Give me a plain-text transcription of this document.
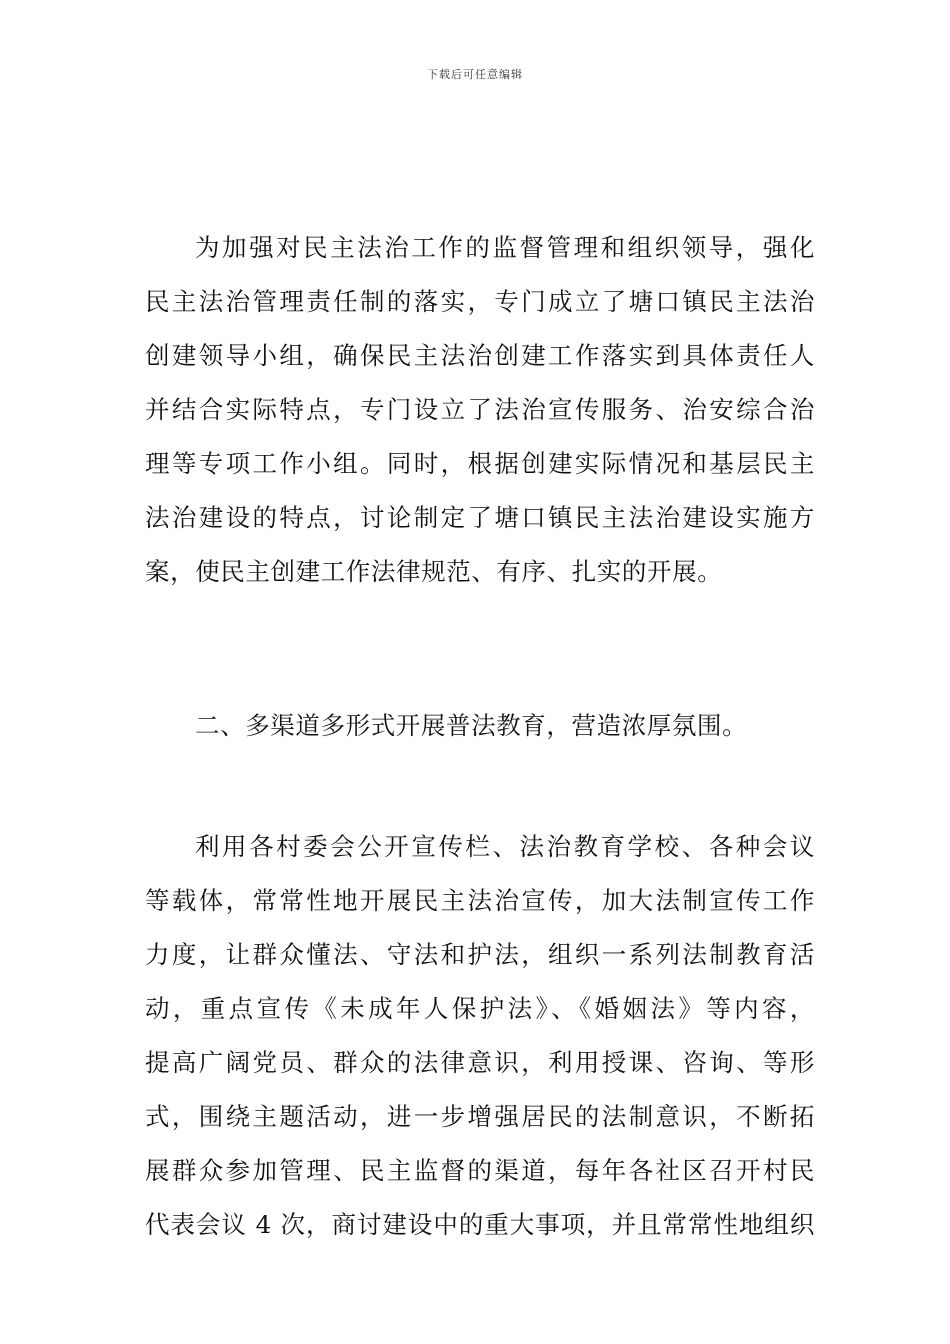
下载后可任意编辑
为加强对民主法治工作的监督管理和组织领导，强化
民主法治管理责任制的落实，专门成立了塘口镇民主法治
创建领导小组，确保民主法治创建工作落实到具体责任人
并结合实际特点，专门设立了法治宣传服务、治安综合治
理等专项工作小组。同时，根据创建实际情况和基层民主
法治建设的特点，讨论制定了塘口镇民主法治建设实施方
案，使民主创建工作法律规范、有序、扎实的开展。
二、多渠道多形式开展普法教育，营造浓厚氛围。
利用各村委会公开宣传栏、法治教育学校、各种会议
等载体，常常性地开展民主法治宣传，加大法制宣传工作
力度，让群众懂法、守法和护法，组织一系列法制教育活
动，重点宣传《未成年人保护法》、《婚姻法》等内容，
提高广阔党员、群众的法律意识，利用授课、咨询、等形
式，围绕主题活动，进一步增强居民的法制意识，不断拓
展群众参加管理、民主监督的渠道，每年各社区召开村民
代表会议 4 次，商讨建设中的重大事项，并且常常性地组织
